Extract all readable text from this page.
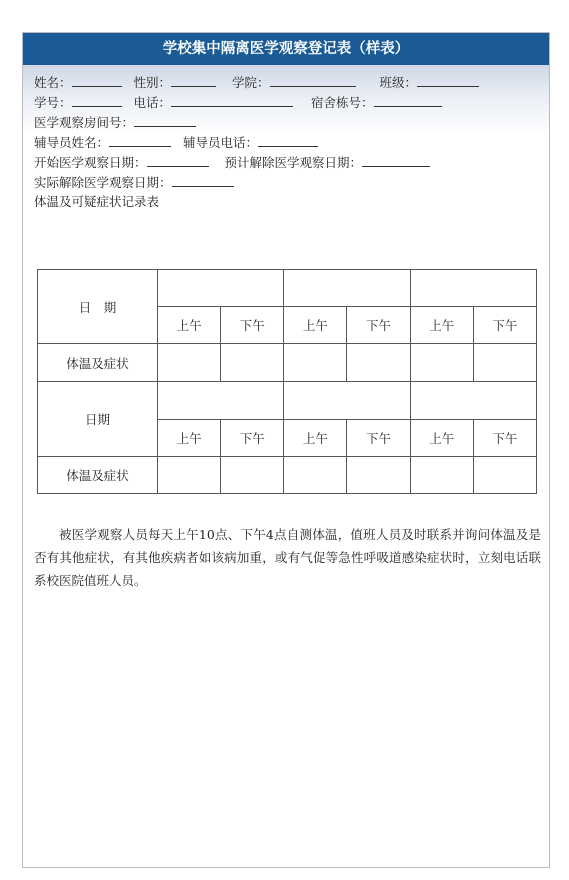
学校集中隔离医学观察登记表（样表）
姓名：	性别：	学院：	班级：
学号：	电话：	宿舍栋号：
医学观察房间号：
辅导员姓名：	辅导员电话：
开始医学观察日期：	预计解除医学观察日期：
实际解除医学观察日期：
体温及可疑症状记录表
日　期						
	上午	下午	上午	下午	上午	下午
体温及症状						
日期						
	上午	下午	上午	下午	上午	下午
体温及症状						
被医学观察人员每天上午10点、下午4点自测体温，值班人员及时联系并询问体温及是否有其他症状，有其他疾病者如该病加重，或有气促等急性呼吸道感染症状时，立刻电话联系校医院值班人员。
